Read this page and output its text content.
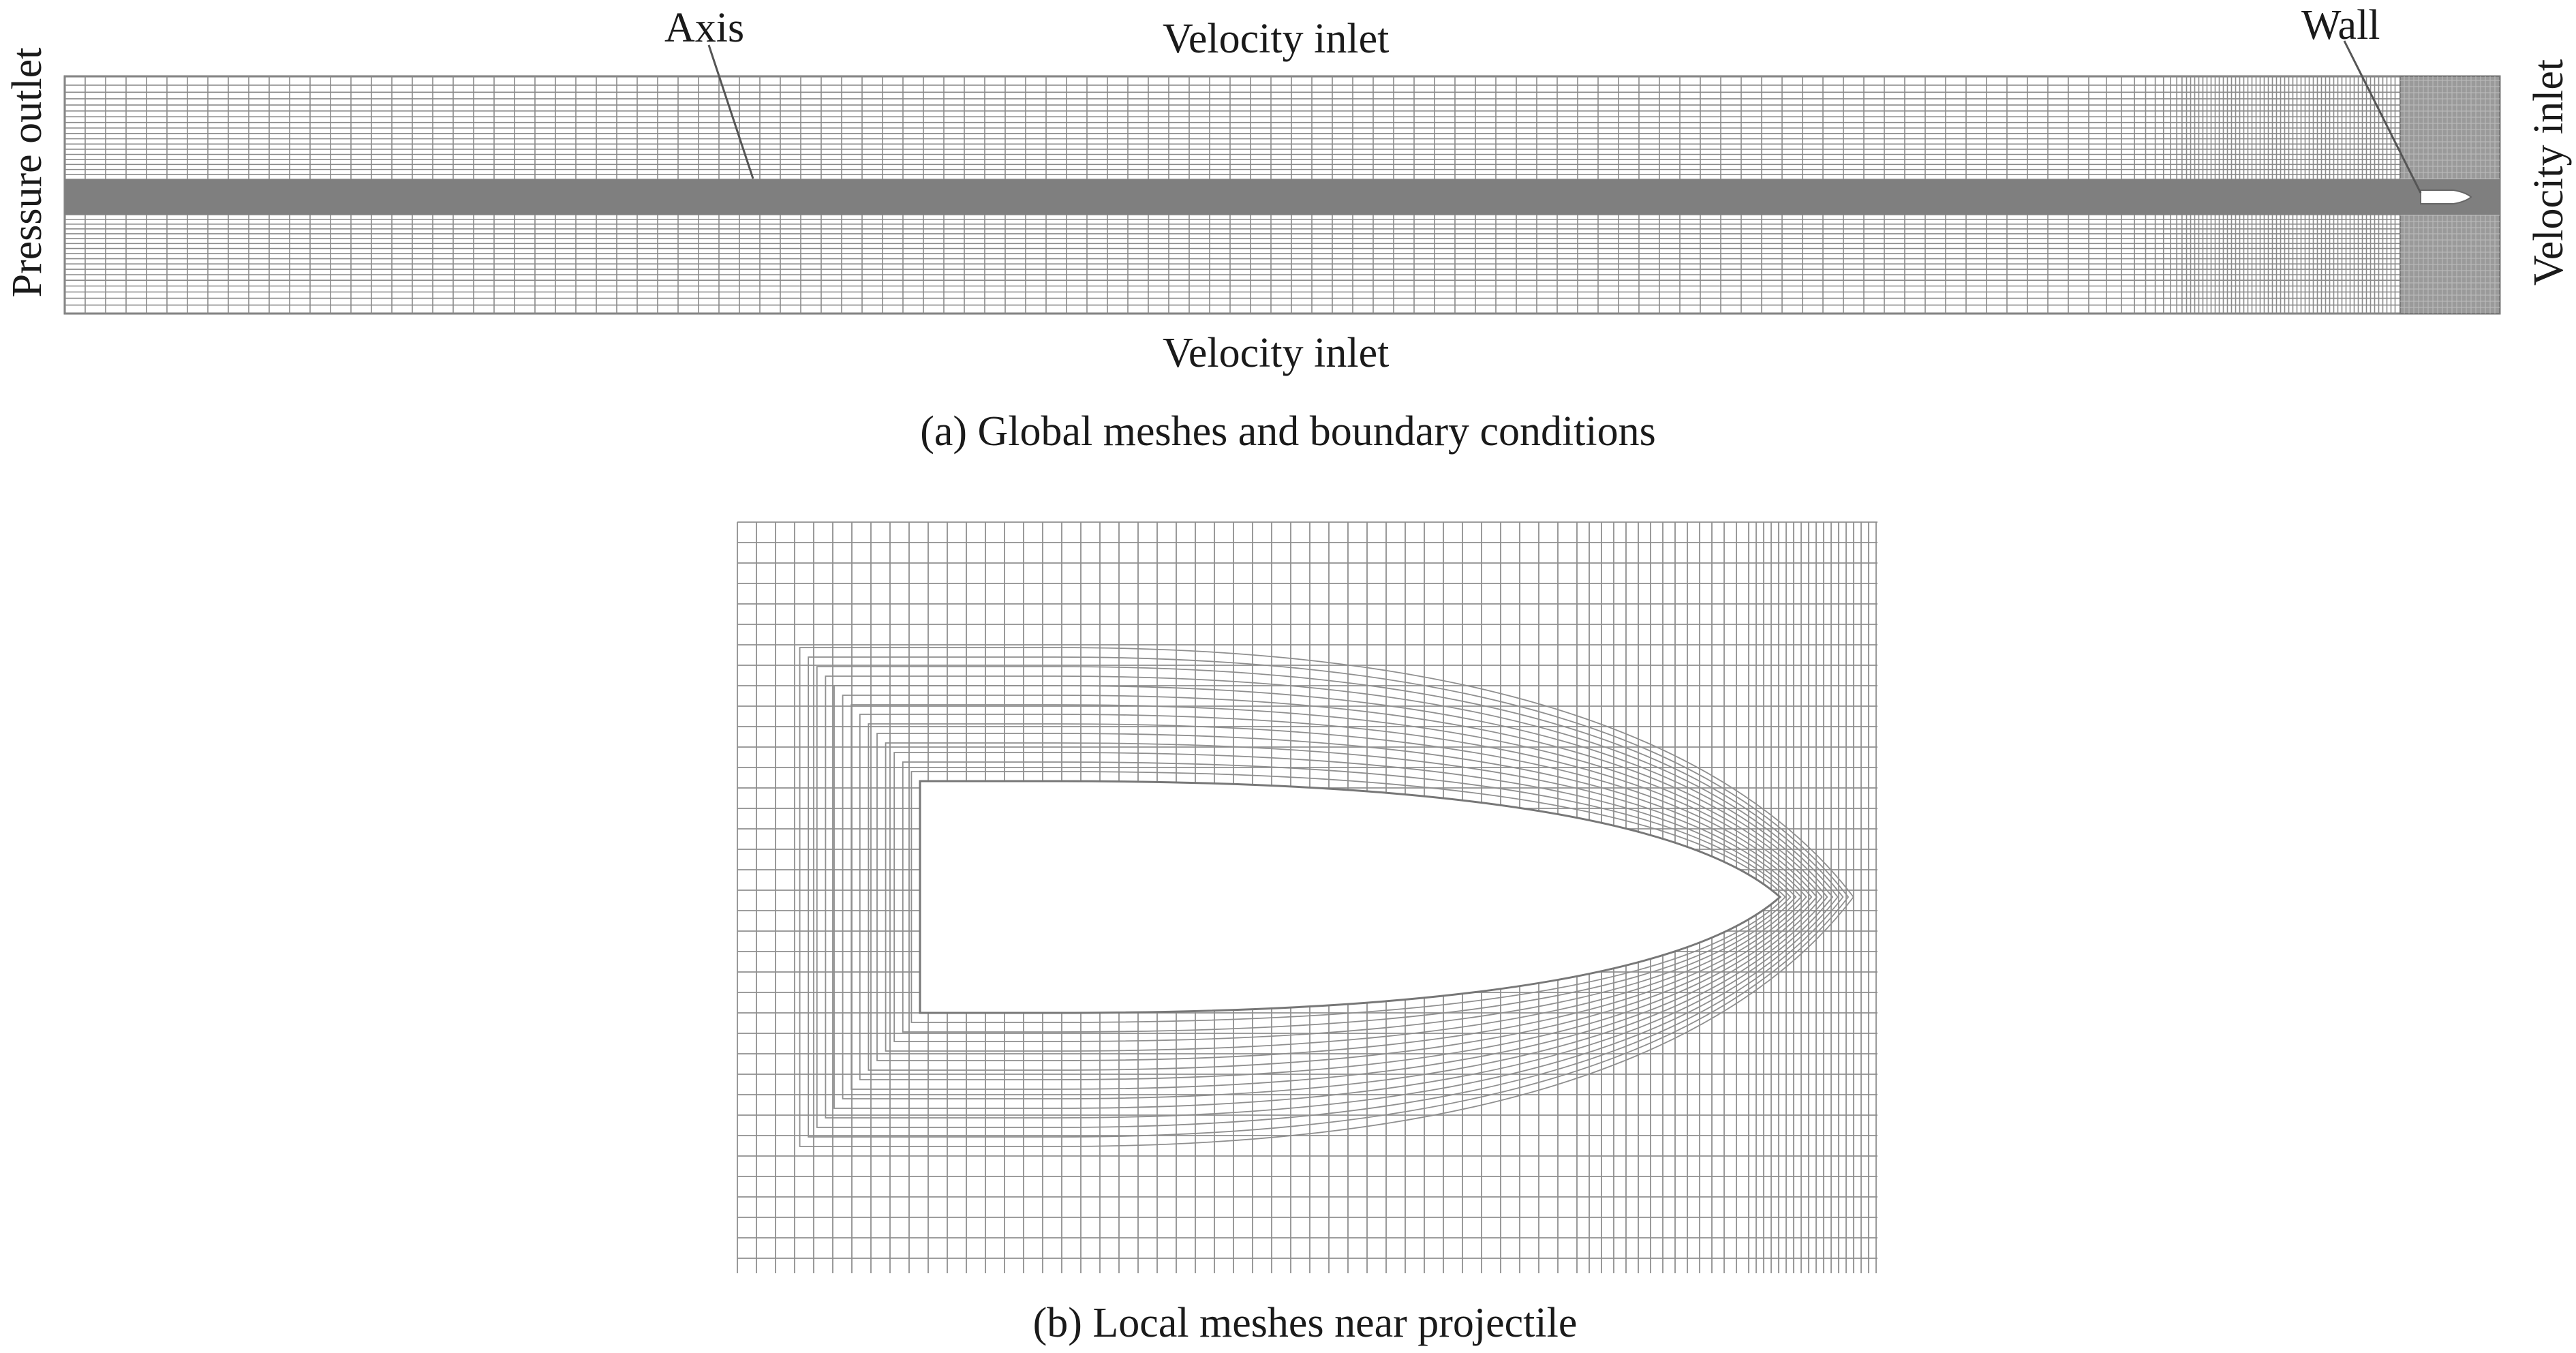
Axis	Wall
Velocity inlet
Velocity inlet
Pressure outlet	Velocity inlet
(a) Global meshes and boundary conditions
(b) Local meshes near projectile
